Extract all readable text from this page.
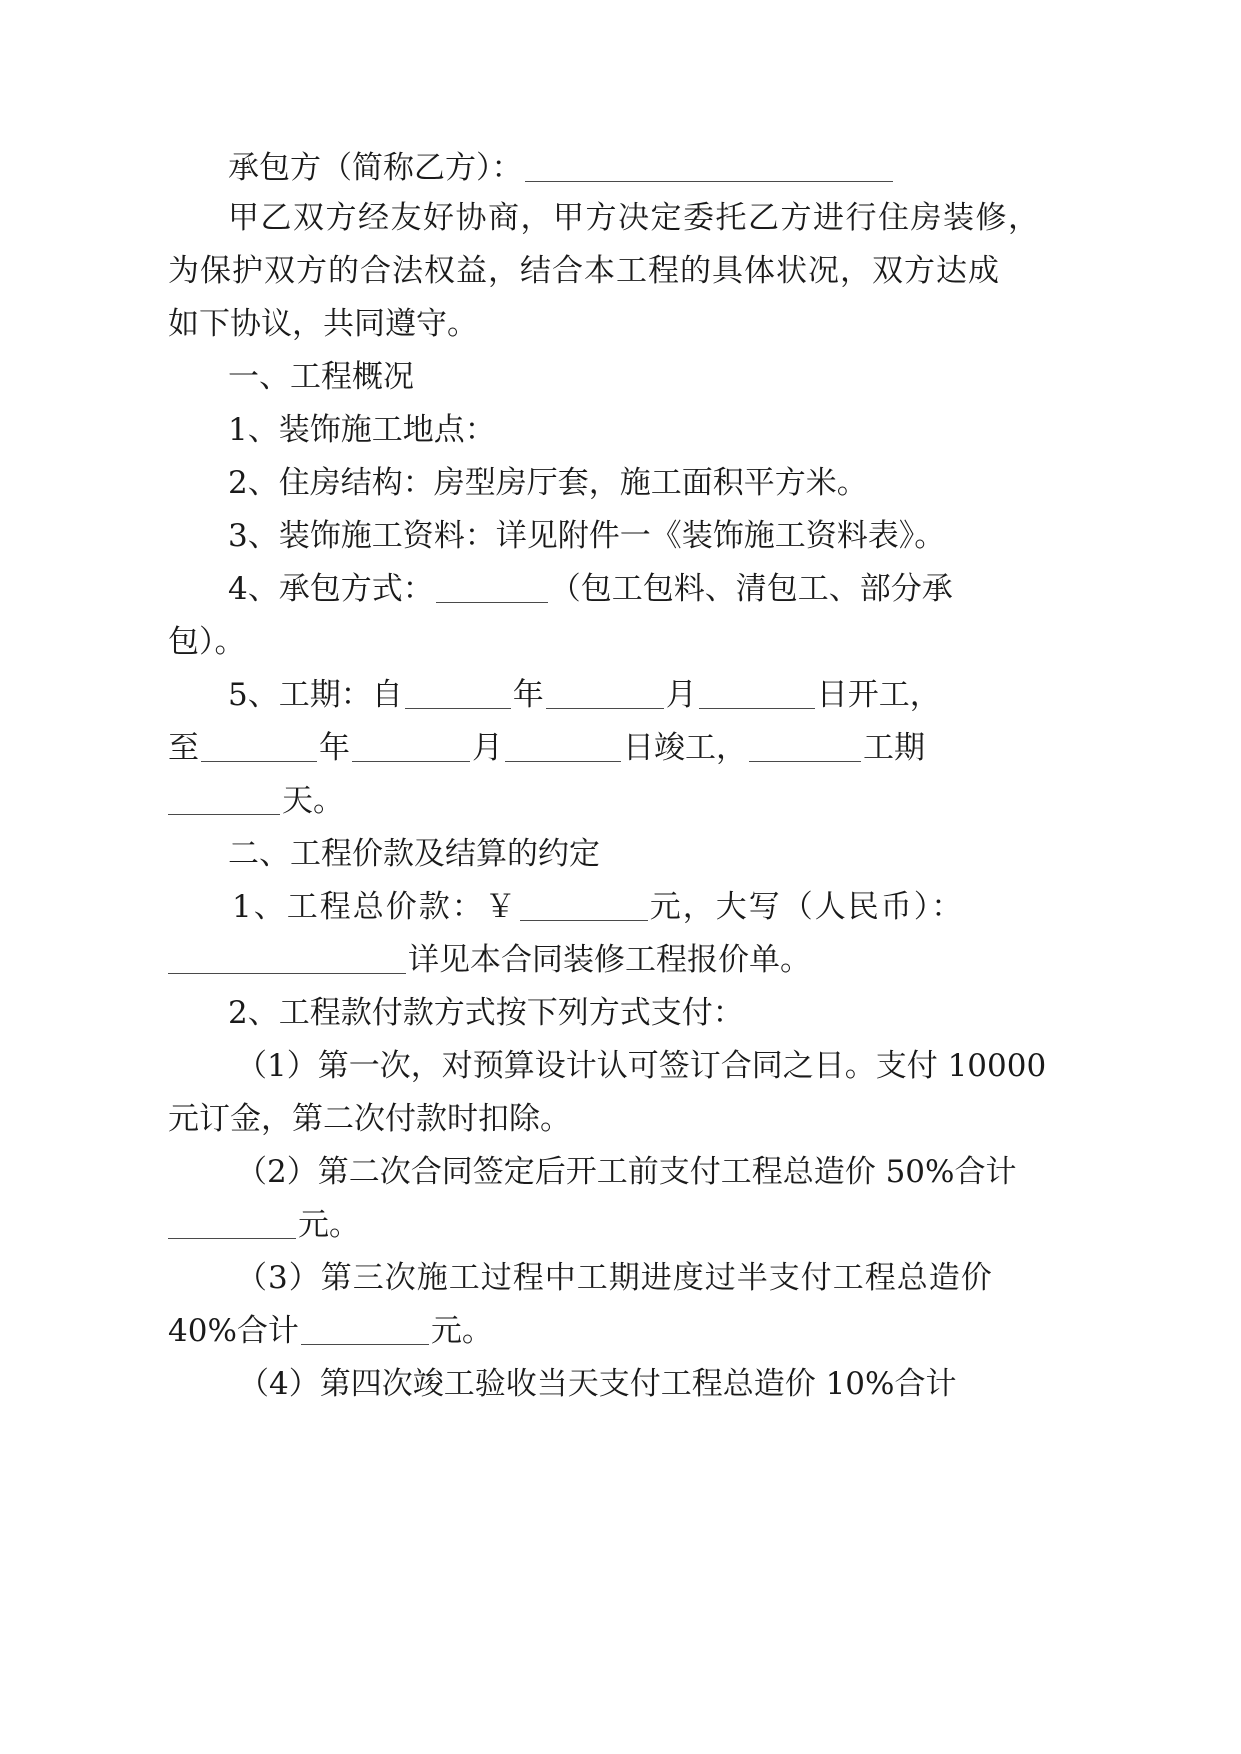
承包方（简称乙方）：
甲乙双方经友好协商，甲方决定委托乙方进行住房装修，
为保护双方的合法权益，结合本工程的具体状况，双方达成
如下协议，共同遵守。
一、工程概况
1、装饰施工地点：
2、住房结构：房型房厅套，施工面积平方米。
3、装饰施工资料：详见附件一《装饰施工资料表》。
4、承包方式：	（包工包料、清包工、部分承
包）。
5、工期：自	年	月	日开工，
至	年	月	日竣工，	工期
天。
二、工程价款及结算的约定
1、工程总价款：￥	元，大写（人民币）：
详见本合同装修工程报价单。
2、工程款付款方式按下列方式支付：
（1）第一次，对预算设计认可签订合同之日。支付 10000
元订金，第二次付款时扣除。
（2）第二次合同签定后开工前支付工程总造价 50%合计
元。
（3）第三次施工过程中工期进度过半支付工程总造价
40%合计	元。
（4）第四次竣工验收当天支付工程总造价 10%合计
